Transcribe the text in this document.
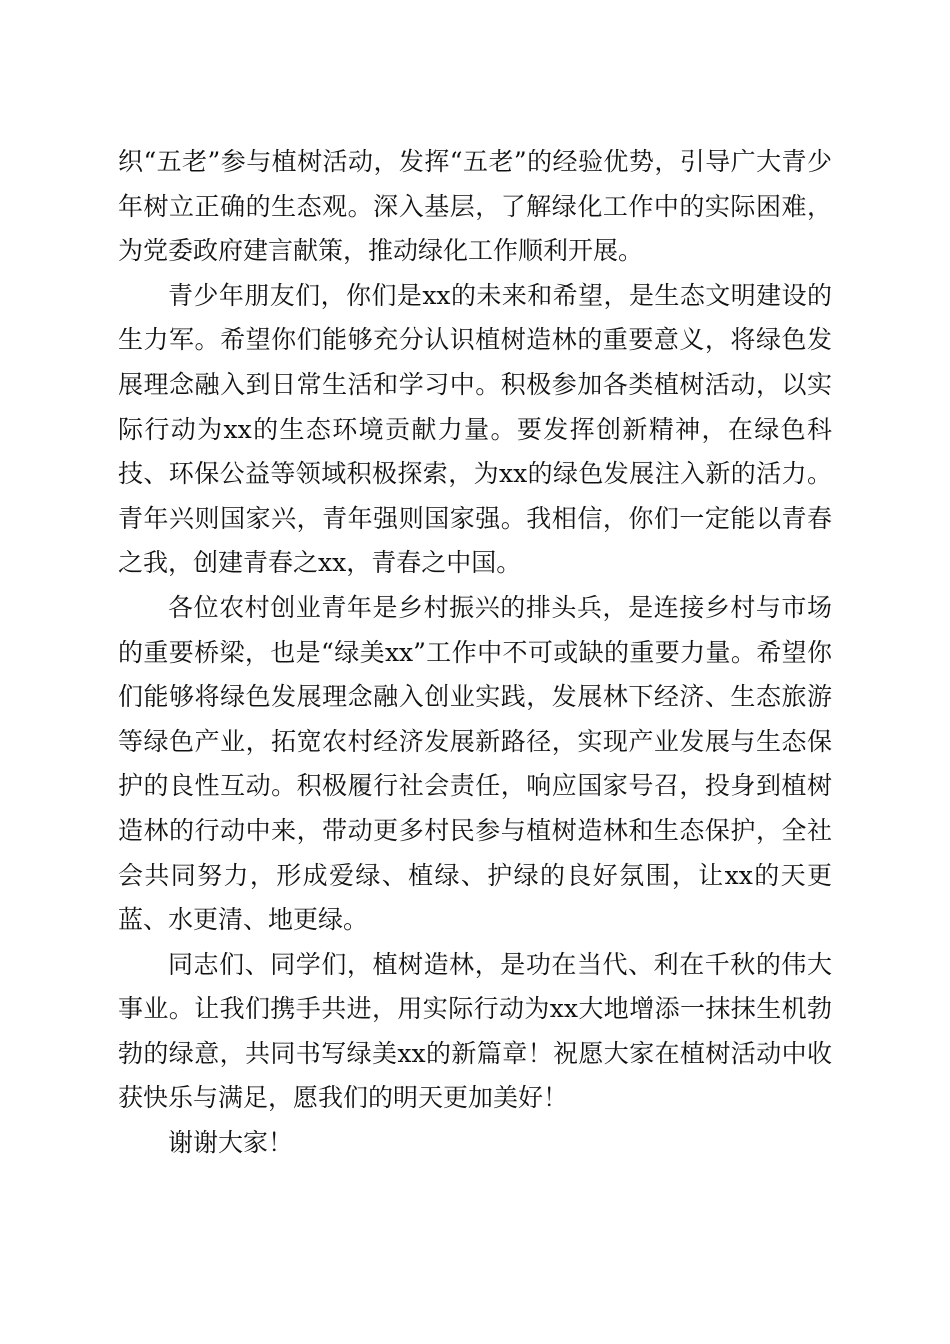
织“五老”参与植树活动，发挥“五老”的经验优势，引导广大青少年树立正确的生态观。深入基层，了解绿化工作中的实际困难，为党委政府建言献策，推动绿化工作顺利开展。

青少年朋友们，你们是xx的未来和希望，是生态文明建设的生力军。希望你们能够充分认识植树造林的重要意义，将绿色发展理念融入到日常生活和学习中。积极参加各类植树活动，以实际行动为xx的生态环境贡献力量。要发挥创新精神，在绿色科技、环保公益等领域积极探索，为xx的绿色发展注入新的活力。青年兴则国家兴，青年强则国家强。我相信，你们一定能以青春之我，创建青春之xx，青春之中国。

各位农村创业青年是乡村振兴的排头兵，是连接乡村与市场的重要桥梁，也是“绿美xx”工作中不可或缺的重要力量。希望你们能够将绿色发展理念融入创业实践，发展林下经济、生态旅游等绿色产业，拓宽农村经济发展新路径，实现产业发展与生态保护的良性互动。积极履行社会责任，响应国家号召，投身到植树造林的行动中来，带动更多村民参与植树造林和生态保护，全社会共同努力，形成爱绿、植绿、护绿的良好氛围，让xx的天更蓝、水更清、地更绿。

同志们、同学们，植树造林，是功在当代、利在千秋的伟大事业。让我们携手共进，用实际行动为xx大地增添一抹抹生机勃勃的绿意，共同书写绿美xx的新篇章！祝愿大家在植树活动中收获快乐与满足，愿我们的明天更加美好！

谢谢大家！
